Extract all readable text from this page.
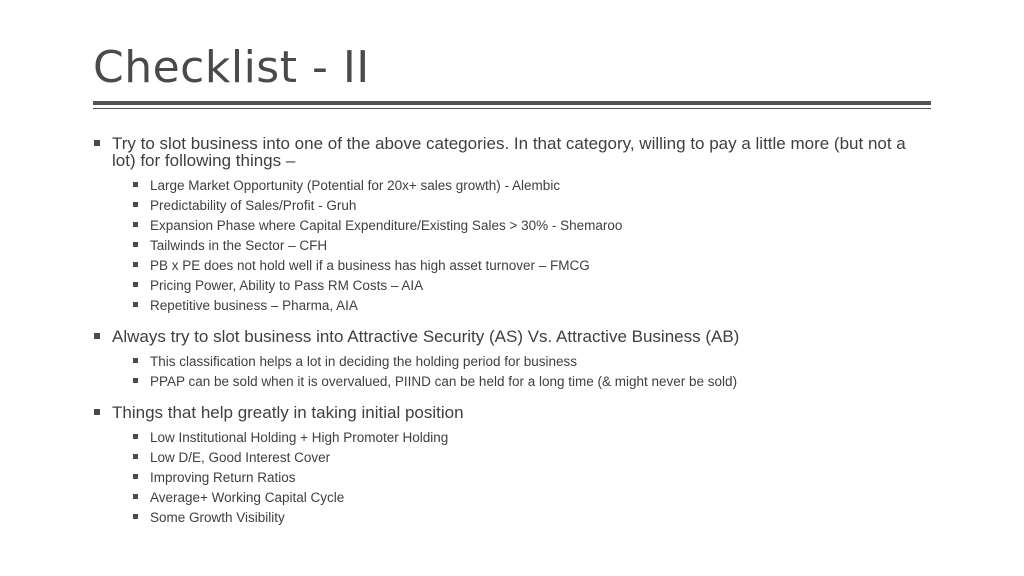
Checklist - II
Try to slot business into one of the above categories. In that category, willing to pay a little more (but not a lot) for following things –
Large Market Opportunity (Potential for 20x+ sales growth) - Alembic
Predictability of Sales/Profit - Gruh
Expansion Phase where Capital Expenditure/Existing Sales > 30% - Shemaroo
Tailwinds in the Sector – CFH
PB x PE does not hold well if a business has high asset turnover – FMCG
Pricing Power, Ability to Pass RM Costs – AIA
Repetitive business – Pharma, AIA
Always try to slot business into Attractive Security (AS) Vs. Attractive Business (AB)
This classification helps a lot in deciding the holding period for business
PPAP can be sold when it is overvalued, PIIND can be held for a long time (& might never be sold)
Things that help greatly in taking initial position
Low Institutional Holding + High Promoter Holding
Low D/E, Good Interest Cover
Improving Return Ratios
Average+ Working Capital Cycle
Some Growth Visibility
